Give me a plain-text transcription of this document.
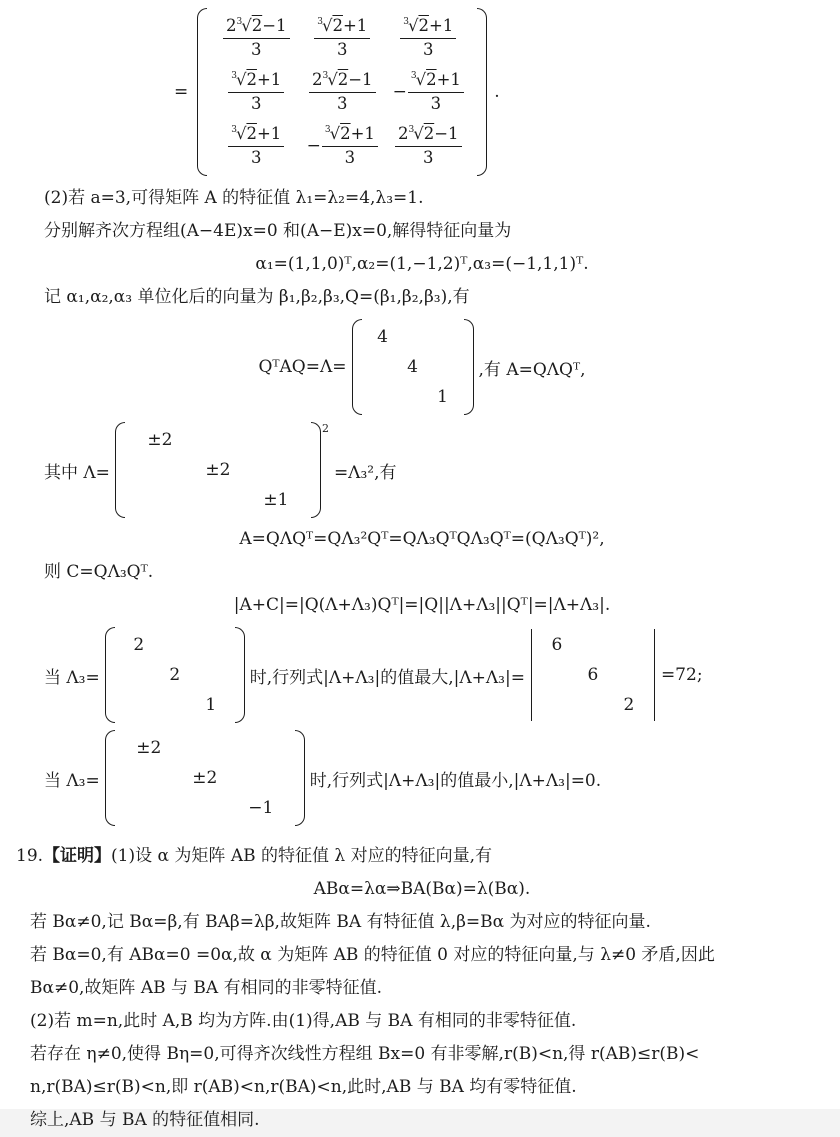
=
$\frac{2^3√2-1}{3}$	$\frac{^3√2+1}{3}$	$\frac{^3√2+1}{3}$
$\frac{^3√2+1}{3} \frac{2^3√2-1}{3} - \frac{^3√2+1}{3}$
$\frac{^3√2+1}{3} - \frac{^3√2+1}{3} \frac{2^3√2-1}{3}$
.
(2)若 a=3,可得矩阵 A 的特征值 λ₁=λ₂=4,λ₃=1.
分别解齐次方程组(A−4E)x=0 和(A−E)x=0,解得特征向量为
α₁=(1,1,0)ᵀ,α₂=(1,−1,2)ᵀ,α₃=(−1,1,1)ᵀ.
记 α₁,α₂,α₃ 单位化后的向量为 β₁,β₂,β₃,Q=(β₁,β₂,β₃),有
QᵀAQ=Λ=
4
4
1
,有 A=QΛQᵀ,
其中 Λ=
±2
±2
±1
$^2$
=Λ₃²,有
A=QΛQᵀ=QΛ₃²Qᵀ=QΛ₃QᵀQΛ₃Qᵀ=(QΛ₃Qᵀ)²,
则 C=QΛ₃Qᵀ.
|A+C|=|Q(Λ+Λ₃)Qᵀ|=|Q||Λ+Λ₃||Qᵀ|=|Λ+Λ₃|.
当 Λ₃=
2
2
1
时,行列式|Λ+Λ₃|的值最大,|Λ+Λ₃|=
6
6
2
=72;
当 Λ₃=
±2
±2
−1
时,行列式|Λ+Λ₃|的值最小,|Λ+Λ₃|=0.
19.【证明】(1)设 α 为矩阵 AB 的特征值 λ 对应的特征向量,有
ABα=λα⇒BA(Bα)=λ(Bα).
若 Bα≠0,记 Bα=β,有 BAβ=λβ,故矩阵 BA 有特征值 λ,β=Bα 为对应的特征向量.
若 Bα=0,有 ABα=0 =0α,故 α 为矩阵 AB 的特征值 0 对应的特征向量,与 λ≠0 矛盾,因此
Bα≠0,故矩阵 AB 与 BA 有相同的非零特征值.
(2)若 m=n,此时 A,B 均为方阵.由(1)得,AB 与 BA 有相同的非零特征值.
若存在 η≠0,使得 Bη=0,可得齐次线性方程组 Bx=0 有非零解,r(B)<n,得 r(AB)≤r(B)<
n,r(BA)≤r(B)<n,即 r(AB)<n,r(BA)<n,此时,AB 与 BA 均有零特征值.
综上,AB 与 BA 的特征值相同.
